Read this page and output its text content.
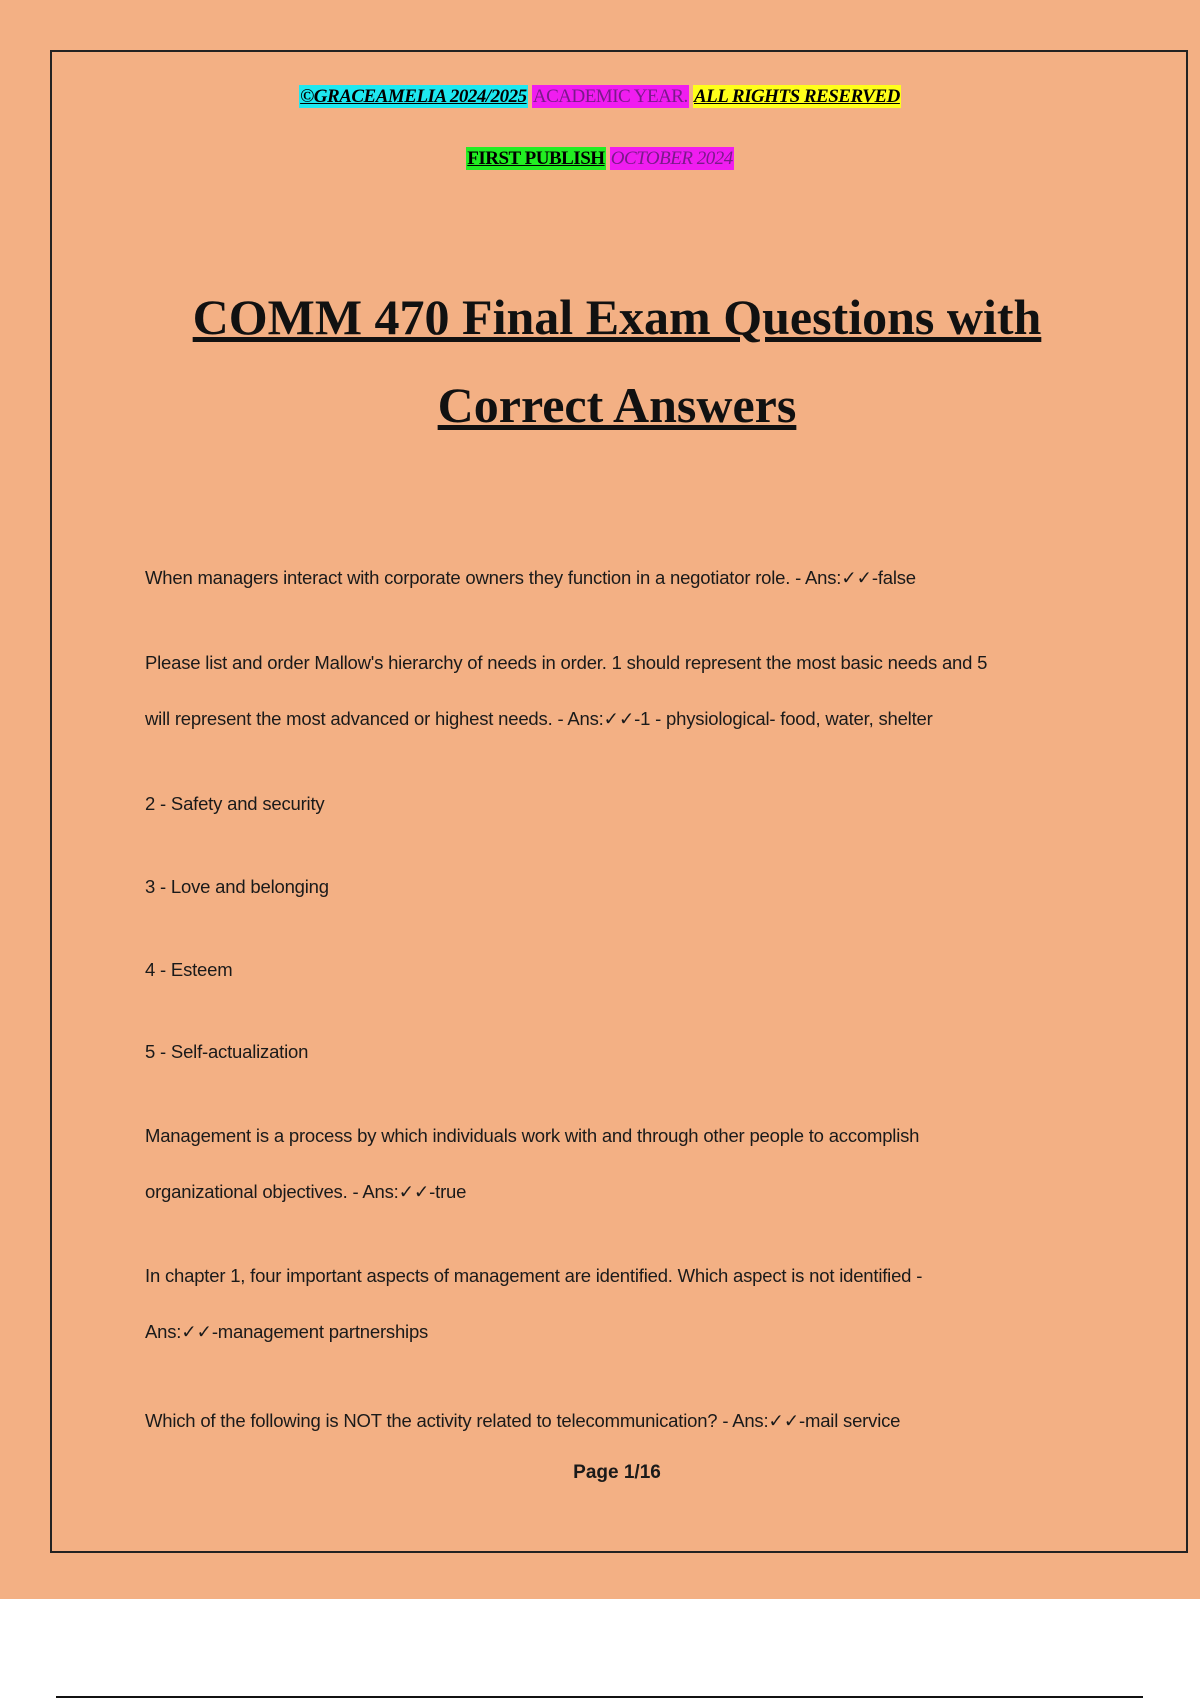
©GRACEAMELIA 2024/2025 ACADEMIC YEAR. ALL RIGHTS RESERVED
FIRST PUBLISH OCTOBER 2024
COMM 470 Final Exam Questions with
Correct Answers
When managers interact with corporate owners they function in a negotiator role. - Ans:✓✓-false
Please list and order Mallow's hierarchy of needs in order. 1 should represent the most basic needs and 5
will represent the most advanced or highest needs. - Ans:✓✓-1 - physiological- food, water, shelter
2 - Safety and security
3 - Love and belonging
4 - Esteem
5 - Self-actualization
Management is a process by which individuals work with and through other people to accomplish
organizational objectives. - Ans:✓✓-true
In chapter 1, four important aspects of management are identified. Which aspect is not identified -
Ans:✓✓-management partnerships
Which of the following is NOT the activity related to telecommunication? - Ans:✓✓-mail service
Page 1/16
